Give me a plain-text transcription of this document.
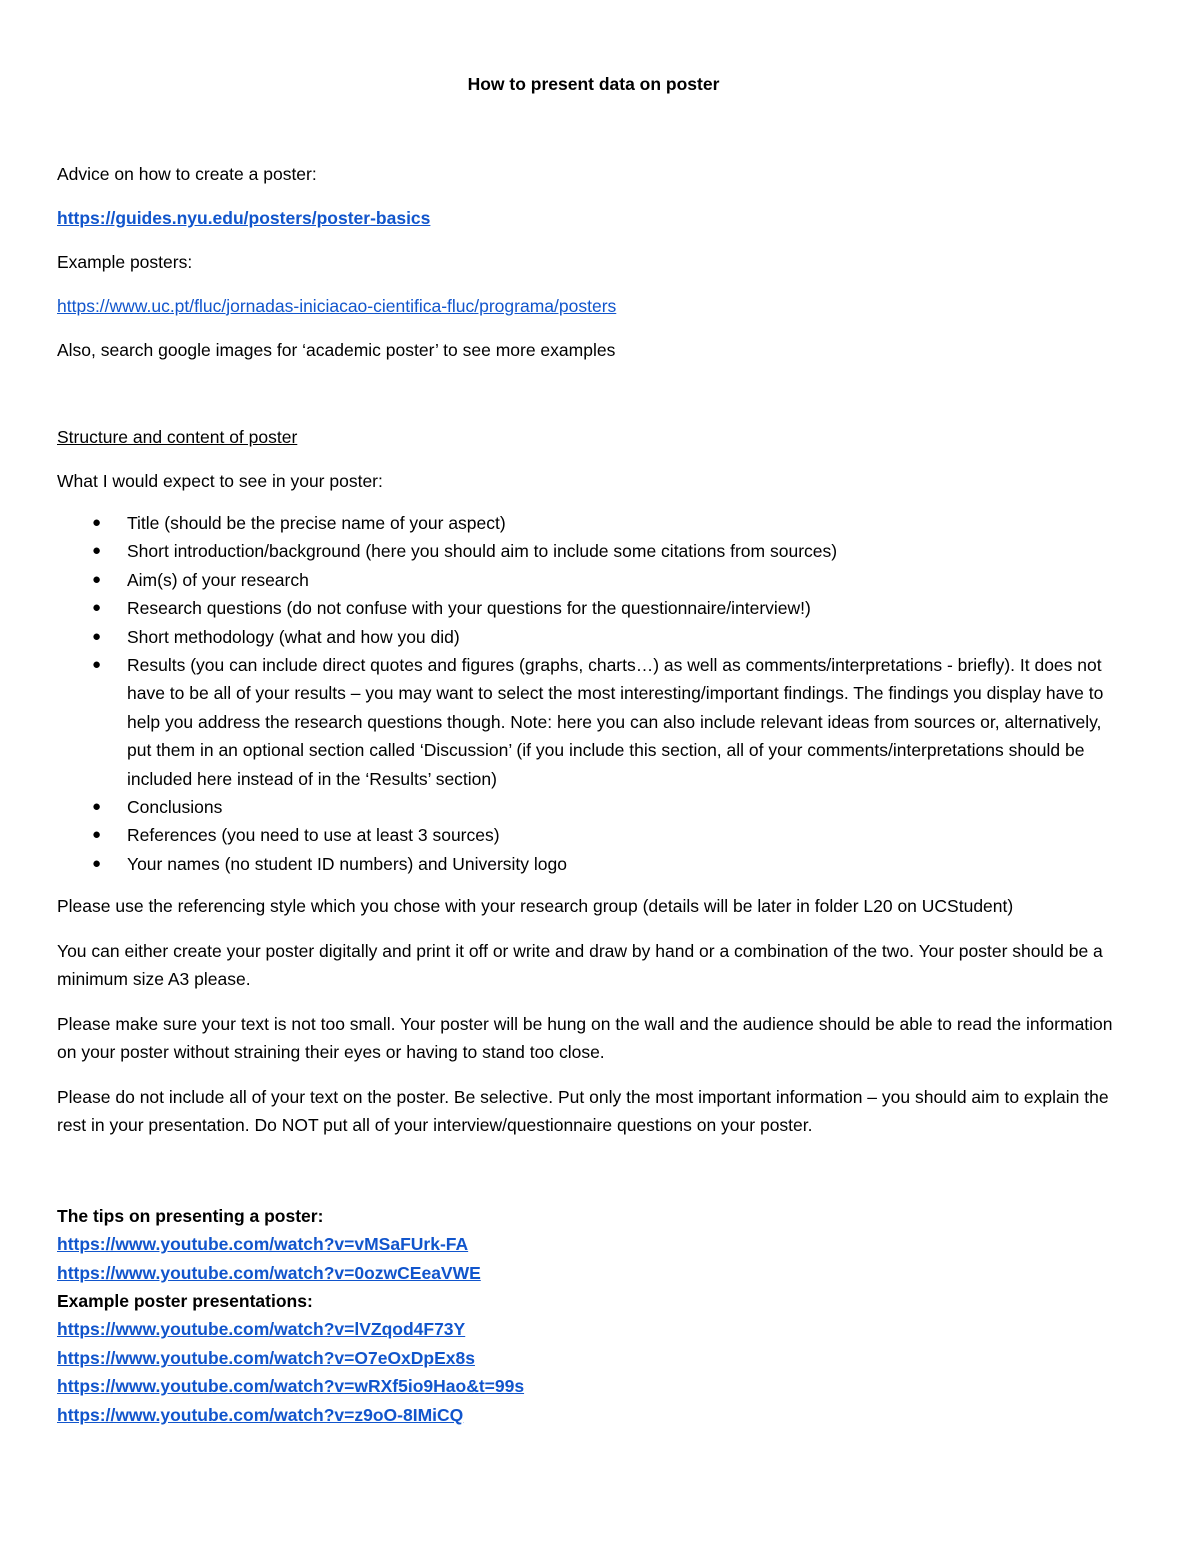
How to present data on poster

Advice on how to create a poster:

https://guides.nyu.edu/posters/poster-basics

Example posters:

https://www.uc.pt/fluc/jornadas-iniciacao-cientifica-fluc/programa/posters

Also, search google images for ‘academic poster’ to see more examples

Structure and content of poster

What I would expect to see in your poster:

● Title (should be the precise name of your aspect)
● Short introduction/background (here you should aim to include some citations from sources)
● Aim(s) of your research
● Research questions (do not confuse with your questions for the questionnaire/interview!)
● Short methodology (what and how you did)
● Results (you can include direct quotes and figures (graphs, charts…) as well as comments/interpretations - briefly). It does not have to be all of your results – you may want to select the most interesting/important findings. The findings you display have to help you address the research questions though. Note: here you can also include relevant ideas from sources or, alternatively, put them in an optional section called ‘Discussion’ (if you include this section, all of your comments/interpretations should be included here instead of in the ‘Results’ section)
● Conclusions
● References (you need to use at least 3 sources)
● Your names (no student ID numbers) and University logo

Please use the referencing style which you chose with your research group (details will be later in folder L20 on UCStudent)

You can either create your poster digitally and print it off or write and draw by hand or a combination of the two. Your poster should be a minimum size A3 please.

Please make sure your text is not too small. Your poster will be hung on the wall and the audience should be able to read the information on your poster without straining their eyes or having to stand too close.

Please do not include all of your text on the poster. Be selective. Put only the most important information – you should aim to explain the rest in your presentation. Do NOT put all of your interview/questionnaire questions on your poster.

The tips on presenting a poster:
https://www.youtube.com/watch?v=vMSaFUrk-FA
https://www.youtube.com/watch?v=0ozwCEeaVWE
Example poster presentations:
https://www.youtube.com/watch?v=lVZqod4F73Y
https://www.youtube.com/watch?v=O7eOxDpEx8s
https://www.youtube.com/watch?v=wRXf5io9Hao&t=99s
https://www.youtube.com/watch?v=z9oO-8IMiCQ
